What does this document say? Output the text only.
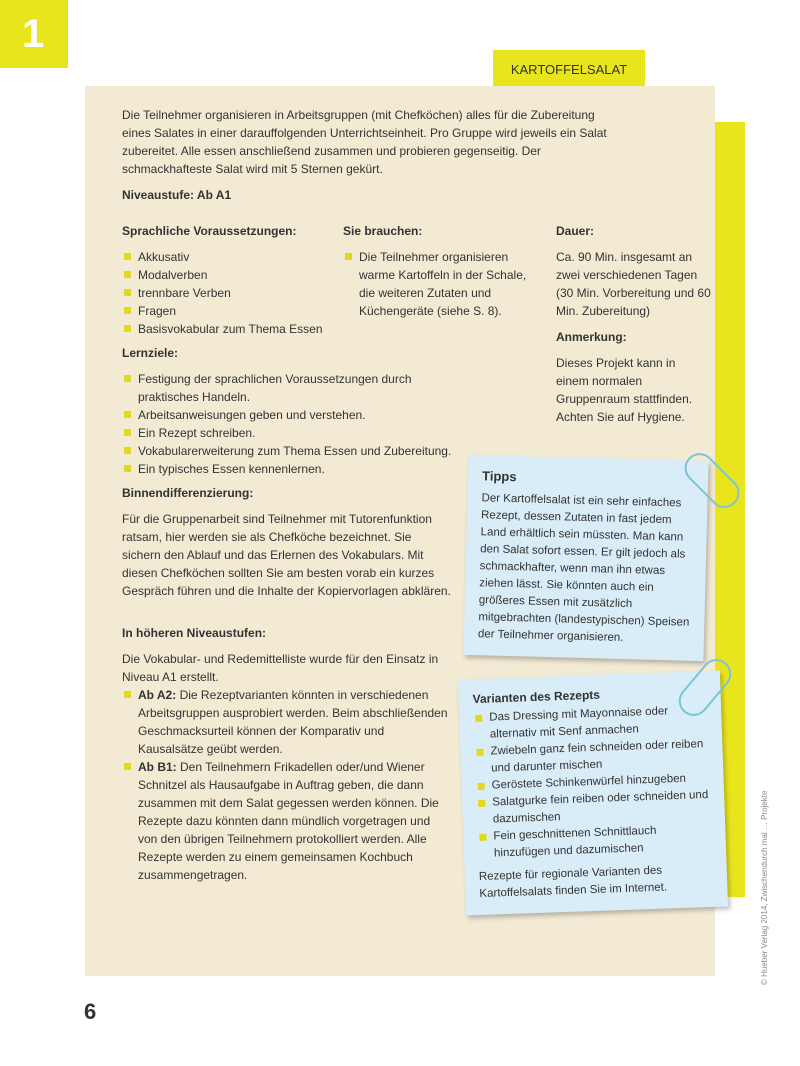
1
KARTOFFELSALAT

Die Teilnehmer organisieren in Arbeitsgruppen (mit Chefköchen) alles für die Zubereitung eines Salates in einer darauffolgenden Unterrichtseinheit. Pro Gruppe wird jeweils ein Salat zubereitet. Alle essen anschließend zusammen und probieren gegenseitig. Der schmackhafteste Salat wird mit 5 Sternen gekürt.

Niveaustufe: Ab A1
Sprachliche Voraussetzungen:
Akkusativ
Modalverben
trennbare Verben
Fragen
Basisvokabular zum Thema Essen
Sie brauchen:
Die Teilnehmer organisieren warme Kartoffeln in der Schale, die weiteren Zutaten und Küchengeräte (siehe S. 8).
Dauer:

Ca. 90 Min. insgesamt an zwei verschiedenen Tagen (30 Min. Vorbereitung und 60 Min. Zubereitung)

Anmerkung:

Dieses Projekt kann in einem normalen Gruppenraum stattfinden. Achten Sie auf Hygiene.

Lernziele:
Festigung der sprachlichen Voraussetzungen durch praktisches Handeln.
Arbeitsanweisungen geben und verstehen.
Ein Rezept schreiben.
Vokabularerweiterung zum Thema Essen und Zubereitung.
Ein typisches Essen kennenlernen.
Binnendifferenzierung:

Für die Gruppenarbeit sind Teilnehmer mit Tutorenfunktion ratsam, hier werden sie als Chefköche bezeichnet. Sie sichern den Ablauf und das Erlernen des Vokabulars. Mit diesen Chefköchen sollten Sie am besten vorab ein kurzes Gespräch führen und die Inhalte der Kopiervorlagen abklären.

In höheren Niveaustufen:

Die Vokabular- und Redemittelliste wurde für den Einsatz in Niveau A1 erstellt.

Ab A2: Die Rezeptvarianten könnten in verschiedenen Arbeitsgruppen ausprobiert werden. Beim abschließenden Geschmacksurteil können der Komparativ und Kausalsätze geübt werden.
Ab B1: Den Teilnehmern Frikadellen oder/und Wiener Schnitzel als Hausaufgabe in Auftrag geben, die dann zusammen mit dem Salat gegessen werden können. Die Rezepte dazu könnten dann mündlich vorgetragen und von den übrigen Teilnehmern protokolliert werden. Alle Rezepte werden zu einem gemeinsamen Kochbuch zusammengetragen.
Tipps

Der Kartoffelsalat ist ein sehr einfaches Rezept, dessen Zutaten in fast jedem Land erhältlich sein müssten. Man kann den Salat sofort essen. Er gilt jedoch als schmackhafter, wenn man ihn etwas ziehen lässt. Sie könnten auch ein größeres Essen mit zusätzlich mitgebrachten (landestypischen) Speisen der Teilnehmer organisieren.

Varianten des Rezepts
Das Dressing mit Mayonnaise oder alternativ mit Senf anmachen
Zwiebeln ganz fein schneiden oder reiben und darunter mischen
Geröstete Schinkenwürfel hinzugeben
Salatgurke fein reiben oder schneiden und dazumischen
Fein geschnittenen Schnittlauch hinzufügen und dazumischen

Rezepte für regionale Varianten des Kartoffelsalats finden Sie im Internet.	© Hueber Verlag 2014, Zwischendurch mal … Projekte
6
